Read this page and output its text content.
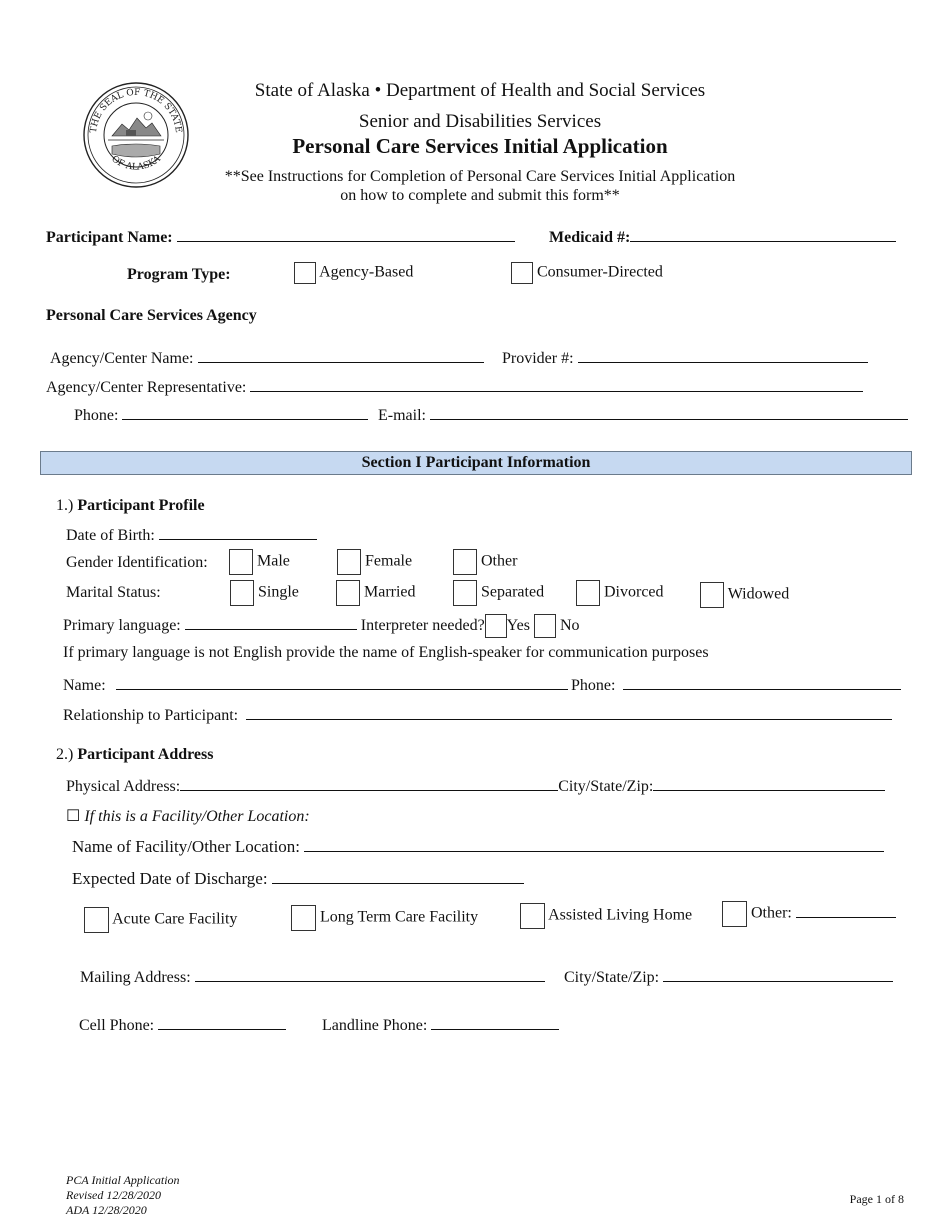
THE SEAL OF THE STATE
OF ALASKA
State of Alaska • Department of Health and Social Services
Senior and Disabilities Services
Personal Care Services Initial Application
**See Instructions for Completion of Personal Care Services Initial Application
on how to complete and submit this form**
Participant Name:	Medicaid #:
Program Type:	Agency-Based	Consumer-Directed
Personal Care Services Agency
Agency/Center Name:	Provider #:
Agency/Center Representative:
Phone:	E-mail:
Section I Participant Information
1.) Participant Profile
Date of Birth:
Gender Identification:	Male	Female	Other
Marital Status:	Single	Married	Separated	Divorced	Widowed
Primary language:	Interpreter needed? Yes No
If primary language is not English provide the name of English-speaker for communication purposes
Name:	Phone:
Relationship to Participant:
2.) Participant Address
Physical Address:	City/State/Zip:
☐ If this is a Facility/Other Location:
Name of Facility/Other Location:
Expected Date of Discharge:
Acute Care Facility	Long Term Care Facility	Assisted Living Home	Other:
Mailing Address:	City/State/Zip:
Cell Phone:	Landline Phone:
PCA Initial Application
Revised 12/28/2020
ADA 12/28/2020
Page 1 of 8
